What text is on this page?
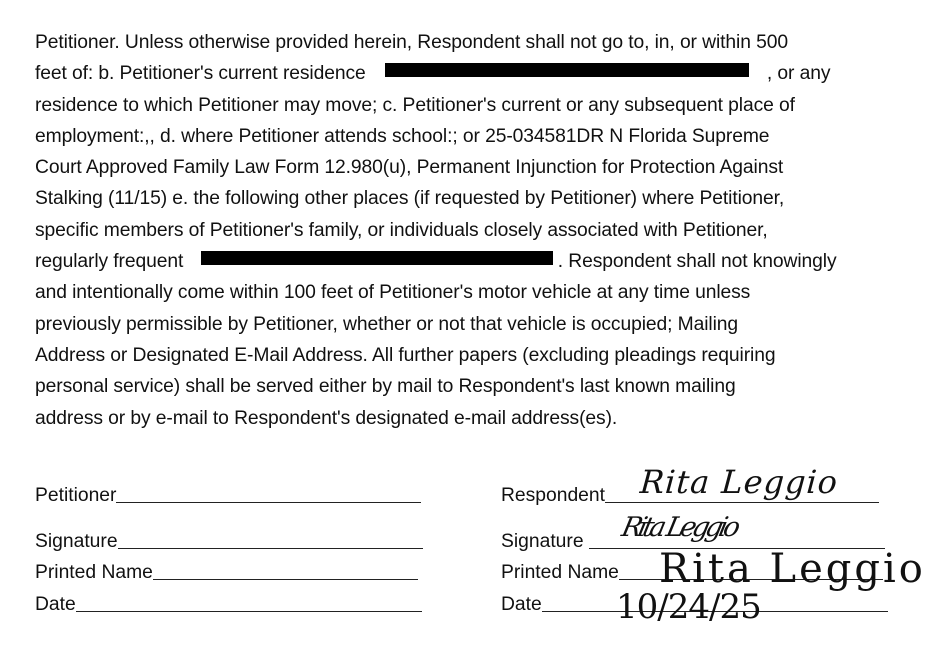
Petitioner. Unless otherwise provided herein, Respondent shall not go to, in, or within 500
feet of: b. Petitioner's current residence	, or any
residence to which Petitioner may move; c. Petitioner's current or any subsequent place of
employment:,, d. where Petitioner attends school:; or 25-034581DR N Florida Supreme
Court Approved Family Law Form 12.980(u), Permanent Injunction for Protection Against
Stalking (11/15) e. the following other places (if requested by Petitioner) where Petitioner,
specific members of Petitioner's family, or individuals closely associated with Petitioner,
regularly frequent	. Respondent shall not knowingly
and intentionally come within 100 feet of Petitioner's motor vehicle at any time unless
previously permissible by Petitioner, whether or not that vehicle is occupied; Mailing
Address or Designated E-Mail Address. All further papers (excluding pleadings requiring
personal service) shall be served either by mail to Respondent's last known mailing
address or by e-mail to Respondent's designated e-mail address(es).
Petitioner
Signature
Printed Name
Date
Respondent
Signature
Printed Name
Date
Rita Leggio
Rita Leggio
Rita Leggio
10/24/25
